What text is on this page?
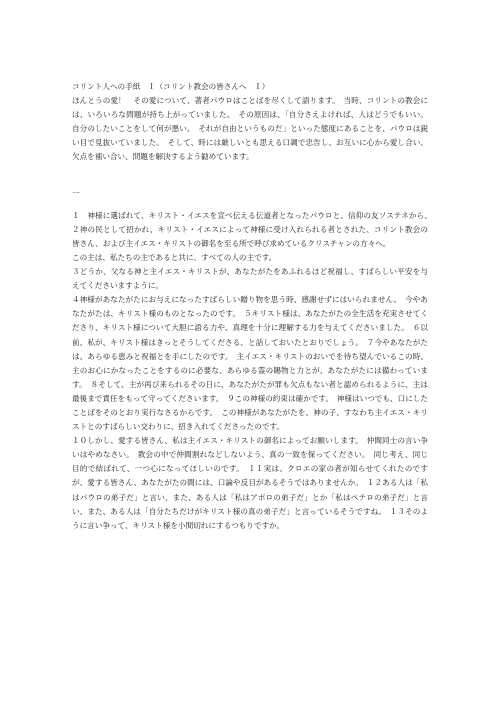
コリント人への手紙　Ｉ（コリント教会の皆さんへ　Ｉ）

ほんとうの愛！　その愛について、著者パウロはことばを尽くして語ります。　当時、コリントの教会には、いろいろな問題が持ち上がっていました。　その原因は、「自分さえよければ、人はどうでもいい。自分のしたいことをして何が悪い。　それが自由というものだ」といった態度にあることを、パウロは鋭い目で見抜いていました。　そして、時には厳しいとも思える口調で忠告し、お互いに心から愛し合い、欠点を補い合い、問題を解決するよう勧めています。

一

１　神様に選ばれて、キリスト・イエスを宣べ伝える伝道者となったパウロと、信仰の友ソステネから、　２神の民として招かれ、キリスト・イエスによって神様に受け入れられる者とされた、コリント教会の皆さん、および主イエス・キリストの御名を至る所で呼び求めているクリスチャンの方々へ。

この主は、私たちの主であると共に、すべての人の主です。

３どうか、父なる神と主イエス・キリストが、あなたがたをあふれるほど祝福し、すばらしい平安を与えてくださいますように。

４神様があなたがたにお与えになったすばらしい贈り物を思う時、感謝せずにはいられません。　今やあなたがたは、キリスト様のものとなったのです。　５キリスト様は、あなたがたの全生活を充実させてくださり、キリスト様について大胆に語る力や、真理を十分に理解する力を与えてくださいました。　６以前、私が、キリスト様はきっとそうしてくださる、と話しておいたとおりでしょう。　７今やあなたがたは、あらゆる恵みと祝福とを手にしたのです。　主イエス・キリストのおいでを待ち望んでいるこの時、主のお心にかなったことをするのに必要な、あらゆる霊の賜物と力とが、あなたがたには備わっています。　８そして、主が再び来られるその日に、あなたがたが罪も欠点もない者と認められるように、主は最後まで責任をもって守ってくださいます。　９この神様の約束は確かです。　神様はいつでも、口にしたことばをそのとおり実行なさるからです。　この神様があなたがたを、神の子、すなわち主イエス・キリストとのすばらしい交わりに、招き入れてくださったのです。

１０しかし、愛する皆さん、私は主イエス・キリストの御名によってお願いします。　仲間同士の言い争いはやめなさい。　教会の中で仲間割れなどしないよう、真の一致を保ってください。　同じ考え、同じ目的で結ばれて、一つ心になってほしいのです。　１１実は、クロエの家の者が知らせてくれたのですが、愛する皆さん、あなたがたの間には、口論や反目があるそうではありませんか。　１２ある人は「私はパウロの弟子だ」と言い、また、ある人は「私はアポロの弟子だ」とか「私はペテロの弟子だ」と言い、また、ある人は「自分たちだけがキリスト様の真の弟子だ」と言っているそうですね。　１３そのように言い争って、キリスト様を小間切れにするつもりですか。
